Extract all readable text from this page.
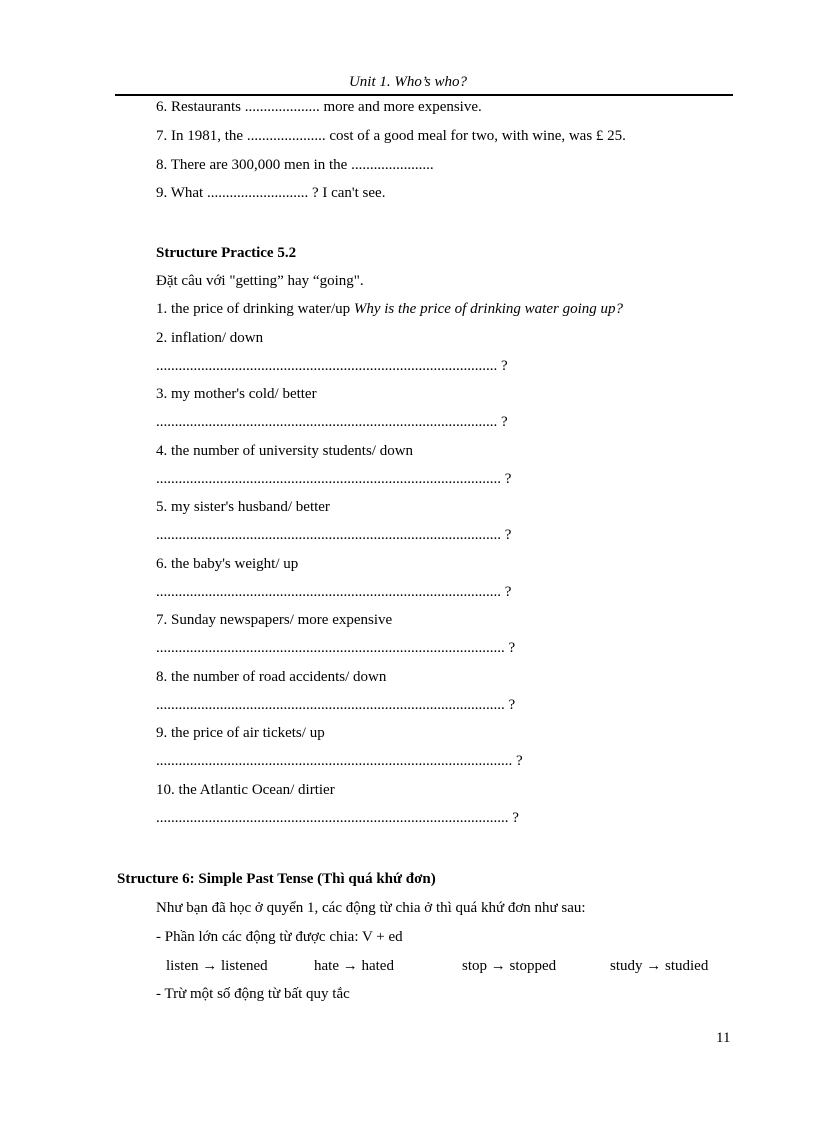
Unit 1. Who’s who?
6. Restaurants .................... more and more expensive.
7. In 1981, the ..................... cost of a good meal for two, with wine, was £ 25.
8. There are 300,000 men in the ......................
9. What ........................... ? I can't see.
Structure Practice 5.2
Đặt câu với "getting” hay “going".
1. the price of drinking water/up Why is the price of drinking water going up?
2. inflation/ down
........................................................................................... ?
3. my mother's cold/ better
........................................................................................... ?
4. the number of university students/ down
............................................................................................ ?
5. my sister's husband/ better
............................................................................................ ?
6. the baby's weight/ up
............................................................................................ ?
7. Sunday newspapers/ more expensive
............................................................................................. ?
8. the number of road accidents/ down
............................................................................................. ?
9. the price of air tickets/ up
............................................................................................... ?
10. the Atlantic Ocean/ dirtier
.............................................................................................. ?
Structure 6: Simple Past Tense (Thì quá khứ đơn)
Như bạn đã học ở quyển 1, các động từ chia ở thì quá khứ đơn như sau:
- Phần lớn các động từ được chia: V + ed
listen → listened	hate → hated	stop → stopped	study → studied
- Trừ một số động từ bất quy tắc
11
